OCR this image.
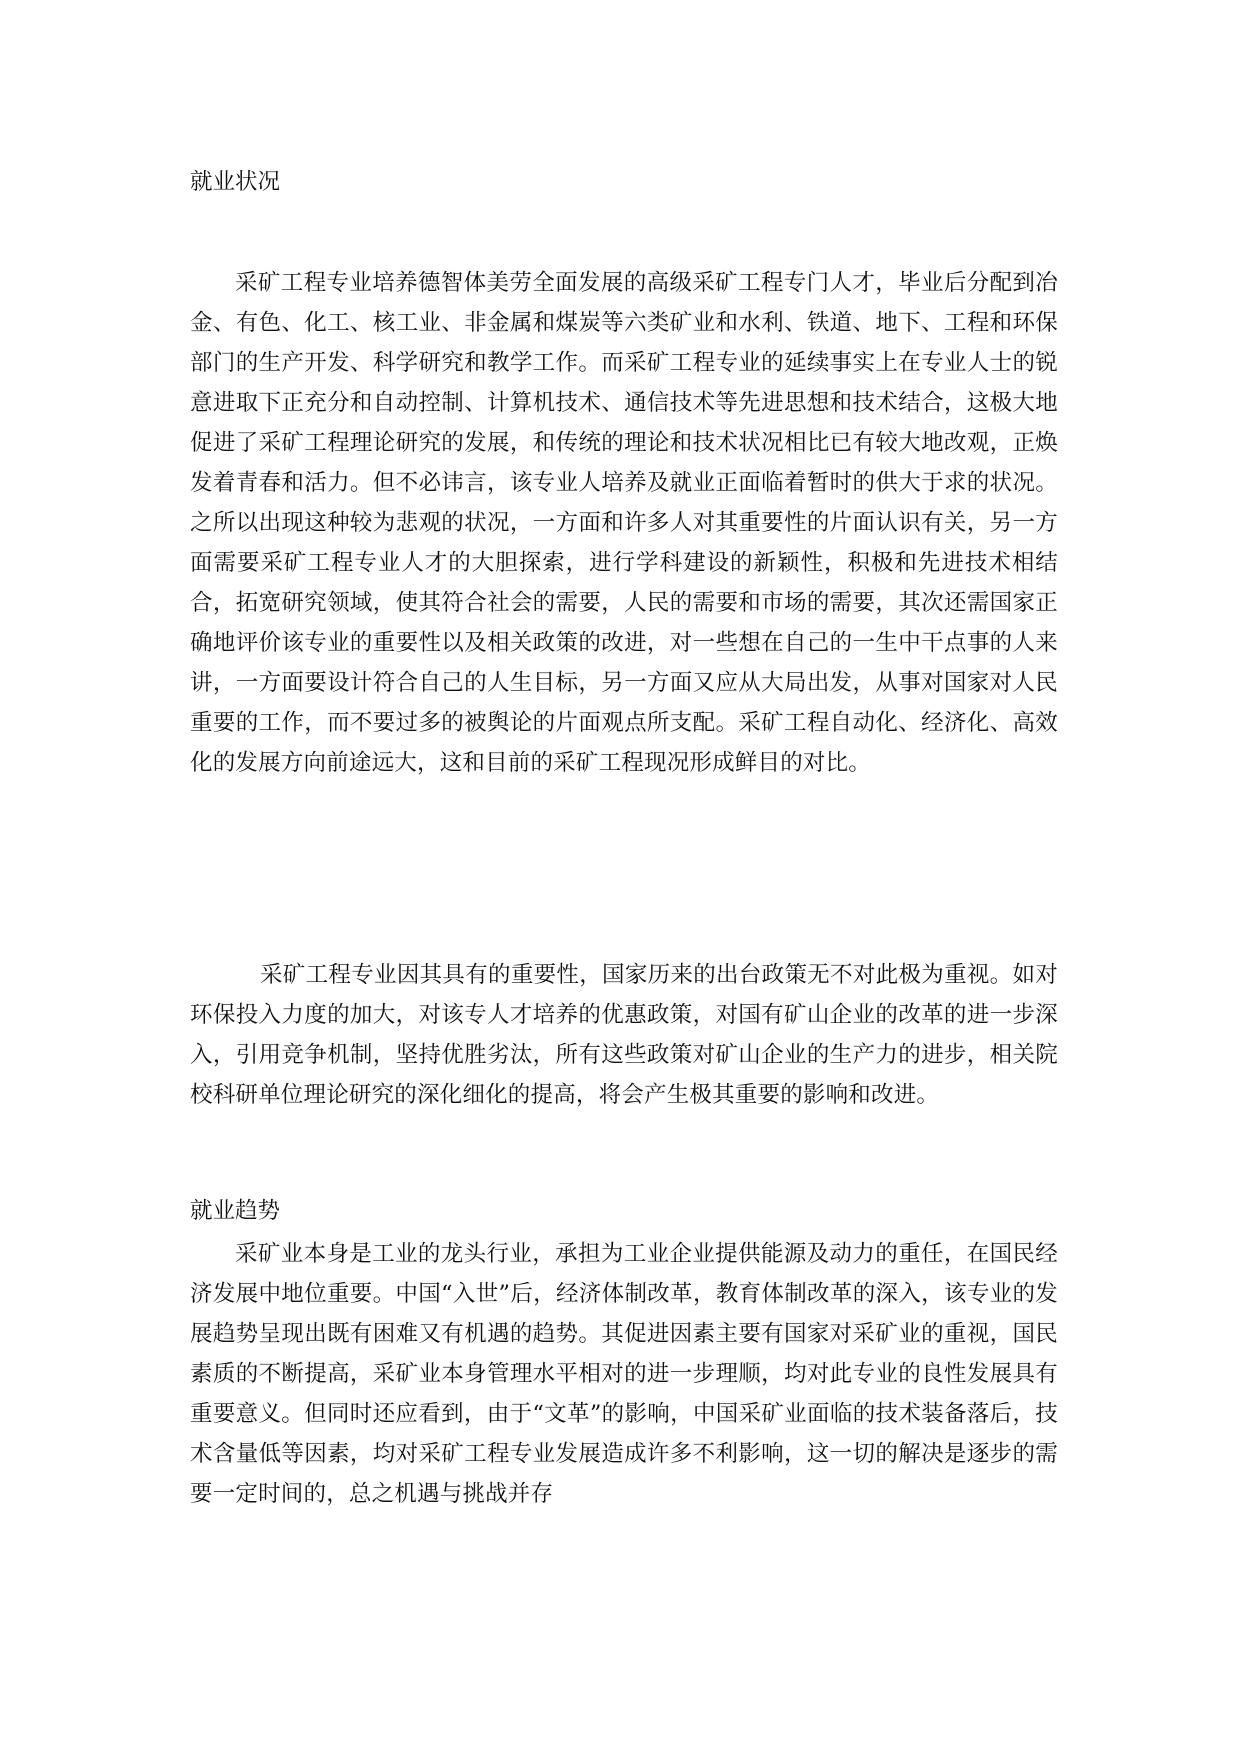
就业状况
采矿工程专业培养德智体美劳全面发展的高级采矿工程专门人才，毕业后分配到冶金、有色、化工、核工业、非金属和煤炭等六类矿业和水利、铁道、地下、工程和环保部门的生产开发、科学研究和教学工作。而采矿工程专业的延续事实上在专业人士的锐意进取下正充分和自动控制、计算机技术、通信技术等先进思想和技术结合，这极大地促进了采矿工程理论研究的发展，和传统的理论和技术状况相比已有较大地改观，正焕发着青春和活力。但不必讳言，该专业人培养及就业正面临着暂时的供大于求的状况。之所以出现这种较为悲观的状况，一方面和许多人对其重要性的片面认识有关，另一方面需要采矿工程专业人才的大胆探索，进行学科建设的新颖性，积极和先进技术相结合，拓宽研究领域，使其符合社会的需要，人民的需要和市场的需要，其次还需国家正确地评价该专业的重要性以及相关政策的改进，对一些想在自己的一生中干点事的人来讲，一方面要设计符合自己的人生目标，另一方面又应从大局出发，从事对国家对人民重要的工作，而不要过多的被舆论的片面观点所支配。采矿工程自动化、经济化、高效化的发展方向前途远大，这和目前的采矿工程现况形成鲜目的对比。
采矿工程专业因其具有的重要性，国家历来的出台政策无不对此极为重视。如对环保投入力度的加大，对该专人才培养的优惠政策，对国有矿山企业的改革的进一步深入，引用竞争机制，坚持优胜劣汰，所有这些政策对矿山企业的生产力的进步，相关院校科研单位理论研究的深化细化的提高，将会产生极其重要的影响和改进。
就业趋势
采矿业本身是工业的龙头行业，承担为工业企业提供能源及动力的重任，在国民经济发展中地位重要。中国“入世”后，经济体制改革，教育体制改革的深入，该专业的发展趋势呈现出既有困难又有机遇的趋势。其促进因素主要有国家对采矿业的重视，国民素质的不断提高，采矿业本身管理水平相对的进一步理顺，均对此专业的良性发展具有重要意义。但同时还应看到，由于“文革”的影响，中国采矿业面临的技术装备落后，技术含量低等因素，均对采矿工程专业发展造成许多不利影响，这一切的解决是逐步的需要一定时间的，总之机遇与挑战并存
